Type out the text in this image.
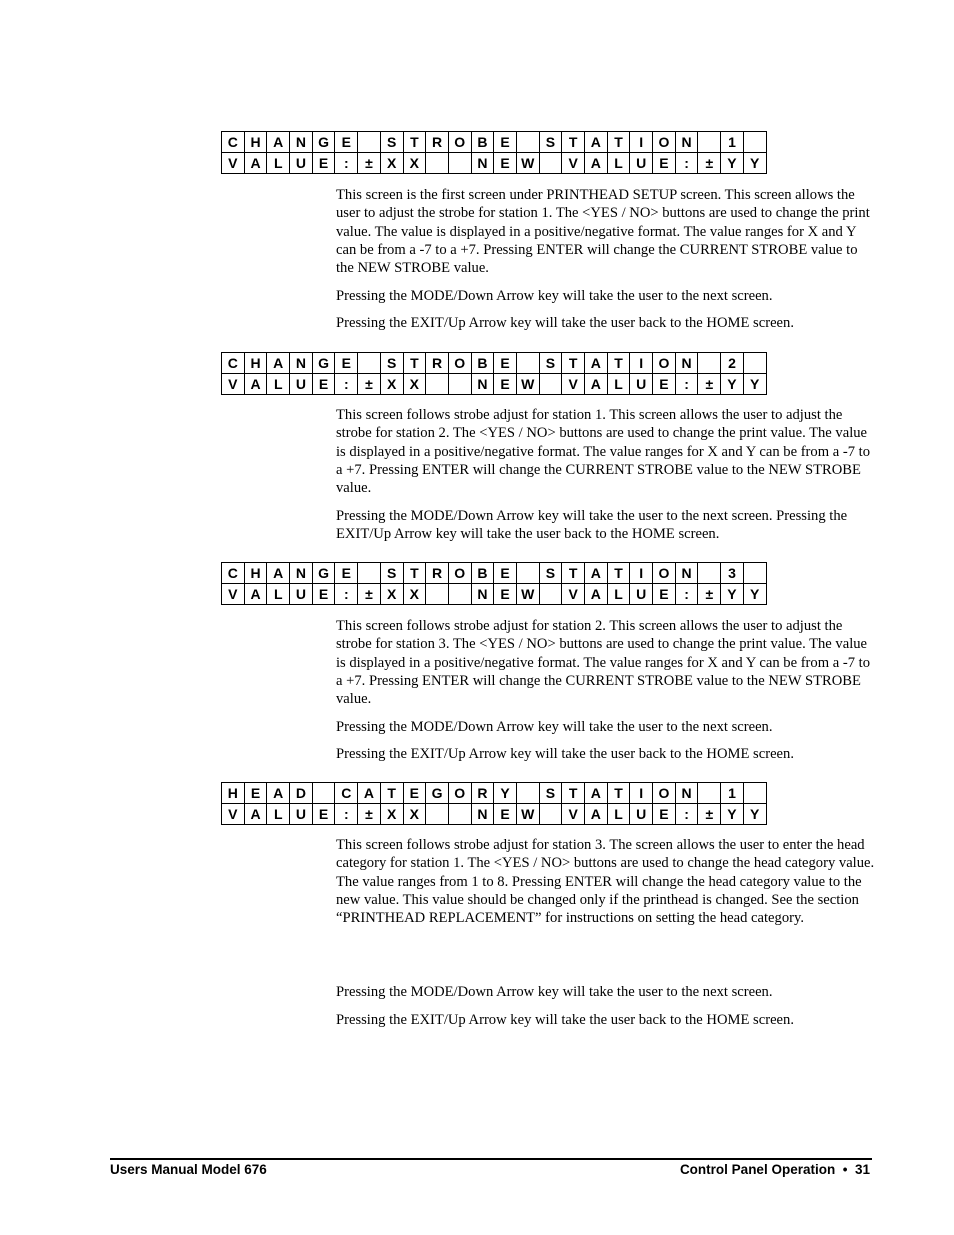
C	H	A	N	G	E		S	T	R	O	B	E		S	T	A	T	I	O	N		1	
V	A	L	U	E	:	±	X	X			N	E	W		V	A	L	U	E	:	±	Y	Y

This screen is the first screen under PRINTHEAD SETUP screen. This screen allows the user to adjust the strobe for station 1. The <YES / NO> buttons are used to change the print value. The value is displayed in a positive/negative format. The value ranges for X and Y can be from a -7 to a +7. Pressing ENTER will change the CURRENT STROBE value to the NEW STROBE value.

Pressing the MODE/Down Arrow key will take the user to the next screen.

Pressing the EXIT/Up Arrow key will take the user back to the HOME screen.

C	H	A	N	G	E		S	T	R	O	B	E		S	T	A	T	I	O	N		2	
V	A	L	U	E	:	±	X	X			N	E	W		V	A	L	U	E	:	±	Y	Y

This screen follows strobe adjust for station 1. This screen allows the user to adjust the strobe for station 2. The <YES / NO> buttons are used to change the print value. The value is displayed in a positive/negative format. The value ranges for X and Y can be from a -7 to a +7. Pressing ENTER will change the CURRENT STROBE value to the NEW STROBE value.

Pressing the MODE/Down Arrow key will take the user to the next screen. Pressing the EXIT/Up Arrow key will take the user back to the HOME screen.

C	H	A	N	G	E		S	T	R	O	B	E		S	T	A	T	I	O	N		3	
V	A	L	U	E	:	±	X	X			N	E	W		V	A	L	U	E	:	±	Y	Y

This screen follows strobe adjust for station 2. This screen allows the user to adjust the strobe for station 3. The <YES / NO> buttons are used to change the print value. The value is displayed in a positive/negative format. The value ranges for X and Y can be from a -7 to a +7. Pressing ENTER will change the CURRENT STROBE value to the NEW STROBE value.

Pressing the MODE/Down Arrow key will take the user to the next screen.

Pressing the EXIT/Up Arrow key will take the user back to the HOME screen.

H	E	A	D		C	A	T	E	G	O	R	Y		S	T	A	T	I	O	N		1	
V	A	L	U	E	:	±	X	X			N	E	W		V	A	L	U	E	:	±	Y	Y

This screen follows strobe adjust for station 3. The screen allows the user to enter the head category for station 1. The <YES / NO> buttons are used to change the head category value. The value ranges from 1 to 8. Pressing ENTER will change the head category value to the new value. This value should be changed only if the printhead is changed. See the section “PRINTHEAD REPLACEMENT” for instructions on setting the head category.

Pressing the MODE/Down Arrow key will take the user to the next screen.

Pressing the EXIT/Up Arrow key will take the user back to the HOME screen.

Users Manual Model 676	Control Panel Operation • 31
